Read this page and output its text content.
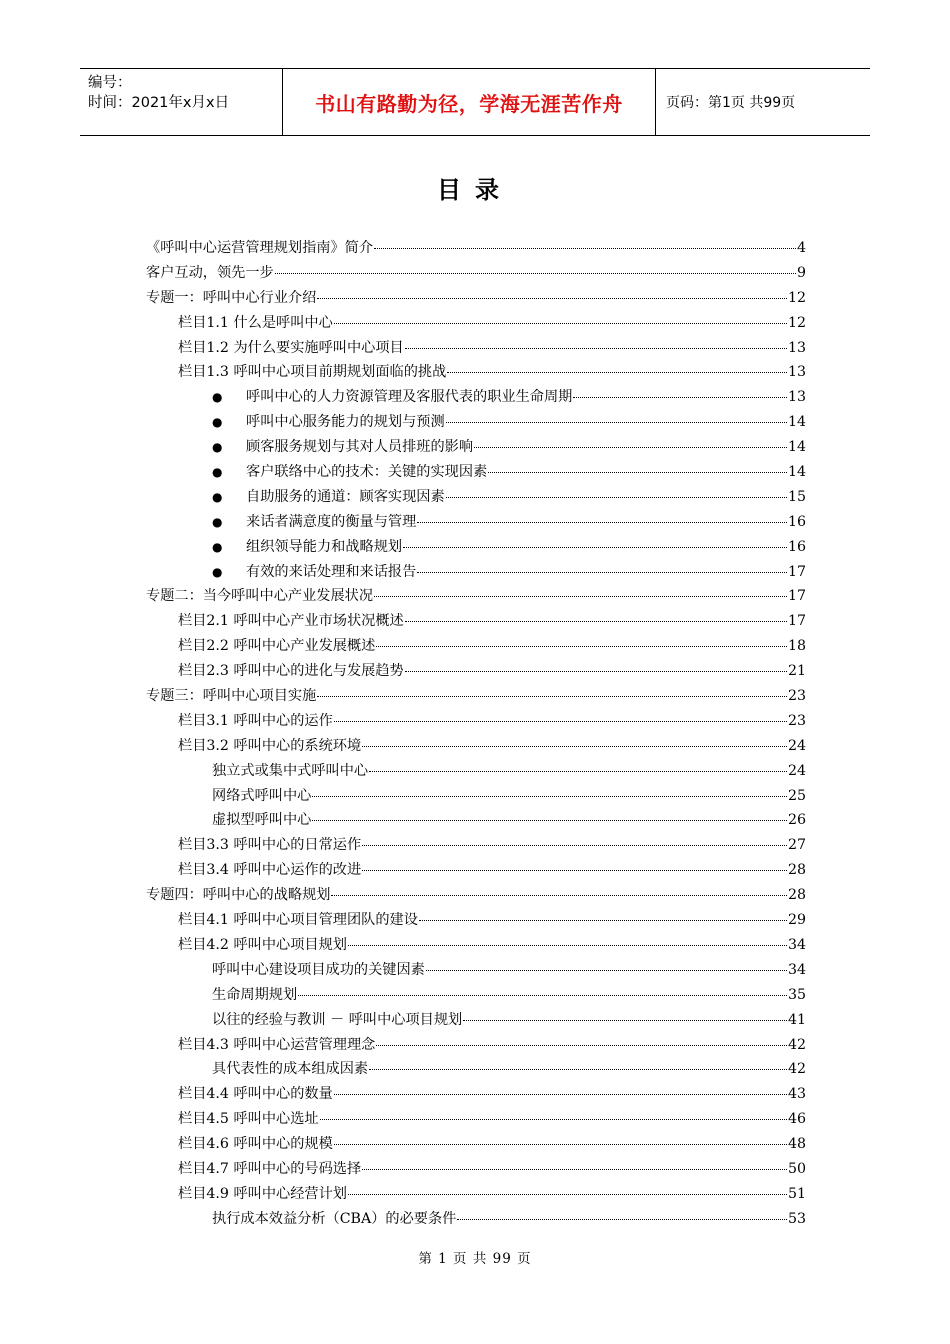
编号：
时间：2021年x月x日	书山有路勤为径，学海无涯苦作舟	页码：第1页 共99页
目录
《呼叫中心运营管理规划指南》简介	4
客户互动，领先一步	9
专题一：呼叫中心行业介绍	12
栏目1.1 什么是呼叫中心	12
栏目1.2 为什么要实施呼叫中心项目	13
栏目1.3 呼叫中心项目前期规划面临的挑战	13
●	呼叫中心的人力资源管理及客服代表的职业生命周期	13
●	呼叫中心服务能力的规划与预测	14
●	顾客服务规划与其对人员排班的影响	14
●	客户联络中心的技术：关键的实现因素	14
●	自助服务的通道：顾客实现因素	15
●	来话者满意度的衡量与管理	16
●	组织领导能力和战略规划	16
●	有效的来话处理和来话报告	17
专题二：当今呼叫中心产业发展状况	17
栏目2.1 呼叫中心产业市场状况概述	17
栏目2.2 呼叫中心产业发展概述	18
栏目2.3 呼叫中心的进化与发展趋势	21
专题三：呼叫中心项目实施	23
栏目3.1 呼叫中心的运作	23
栏目3.2 呼叫中心的系统环境	24
独立式或集中式呼叫中心	24
网络式呼叫中心	25
虚拟型呼叫中心	26
栏目3.3 呼叫中心的日常运作	27
栏目3.4 呼叫中心运作的改进	28
专题四：呼叫中心的战略规划	28
栏目4.1 呼叫中心项目管理团队的建设	29
栏目4.2 呼叫中心项目规划	34
呼叫中心建设项目成功的关键因素	34
生命周期规划	35
以往的经验与教训 － 呼叫中心项目规划	41
栏目4.3 呼叫中心运营管理理念	42
具代表性的成本组成因素	42
栏目4.4 呼叫中心的数量	43
栏目4.5 呼叫中心选址	46
栏目4.6 呼叫中心的规模	48
栏目4.7 呼叫中心的号码选择	50
栏目4.9 呼叫中心经营计划	51
执行成本效益分析（CBA）的必要条件	53
第 1 页 共 99 页
